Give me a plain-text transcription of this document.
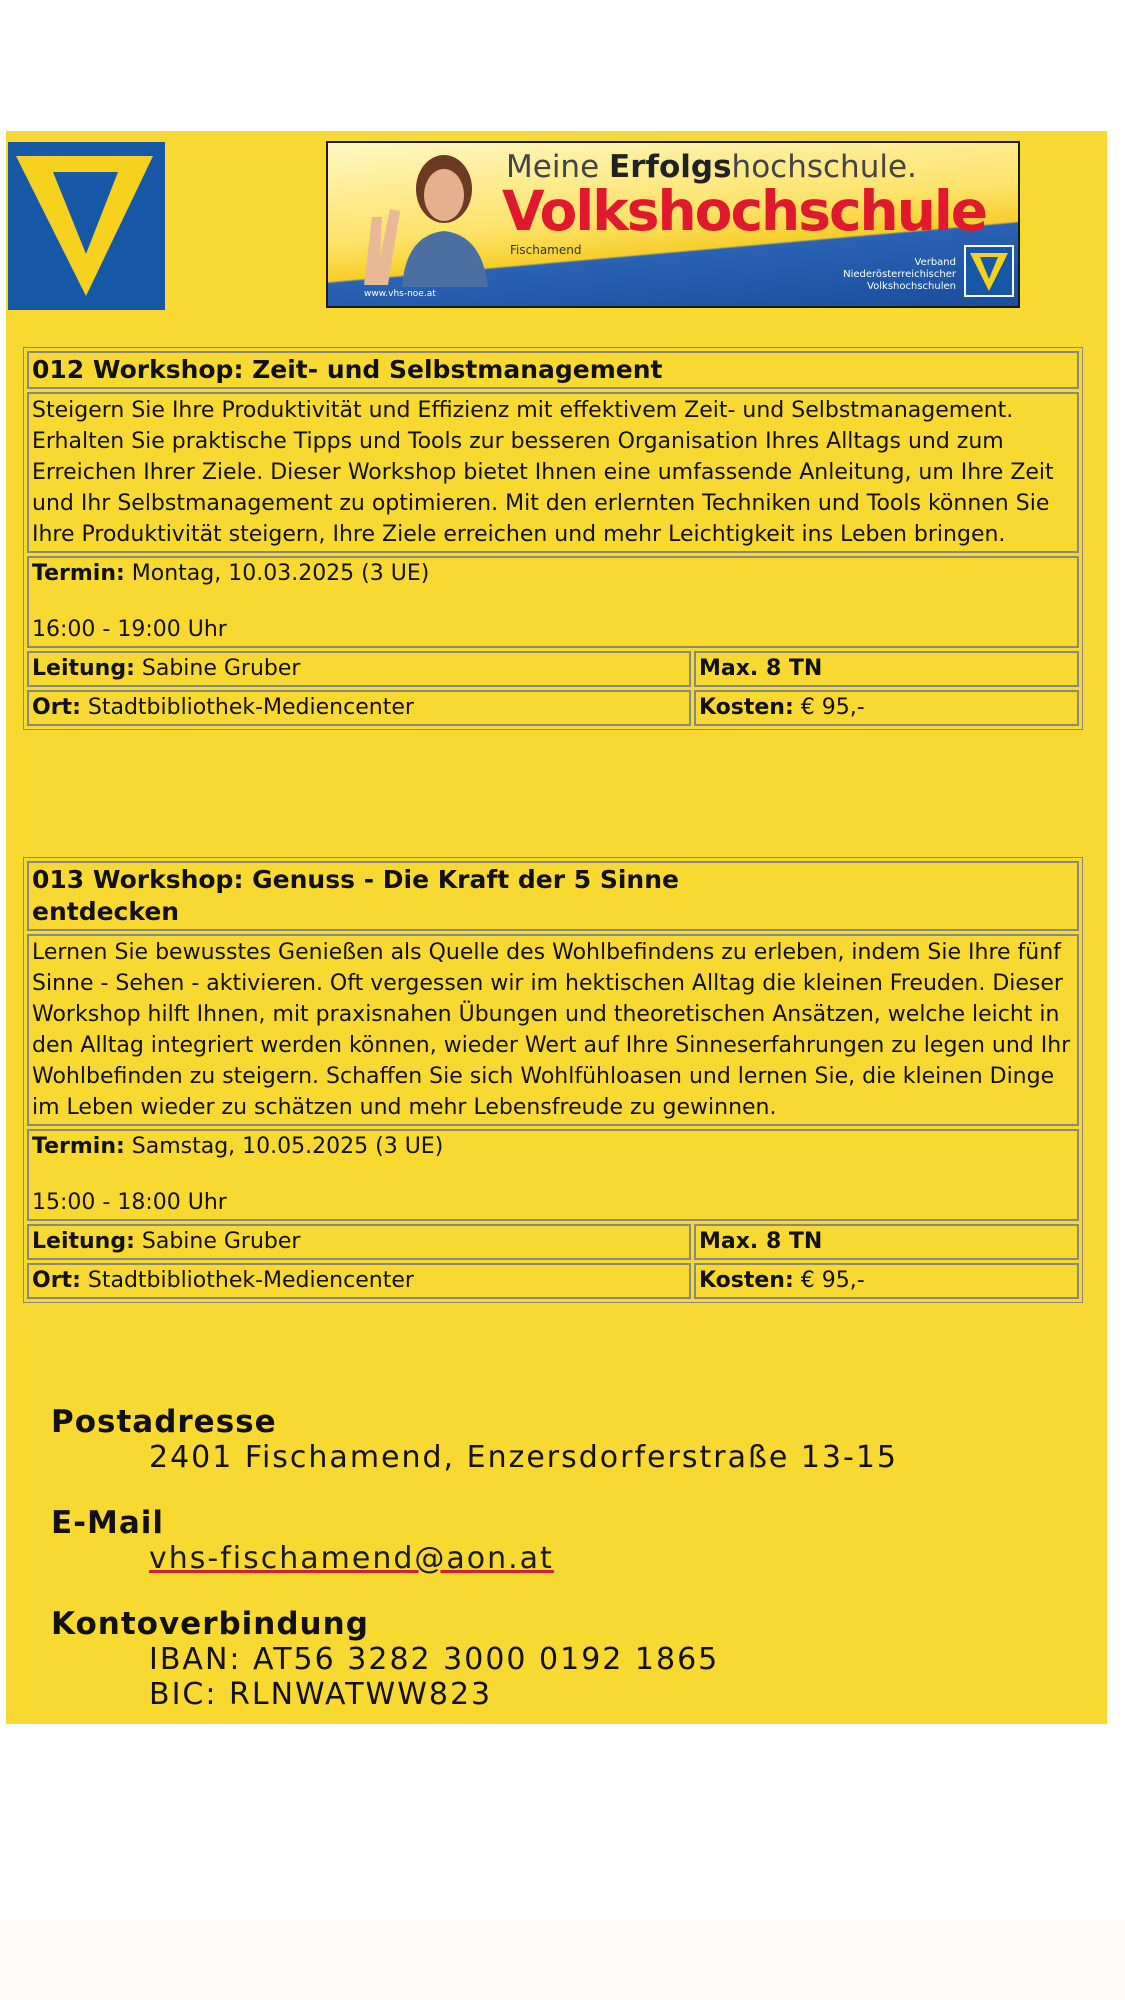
Meine Erfolgshochschule.
Volkshochschule
Fischamend
www.vhs-noe.at
Verband
Niederösterreichischer
Volkshochschulen
012 Workshop: Zeit- und Selbstmanagement	
Steigern Sie Ihre Produktivität und Effizienz mit effektivem Zeit- und Selbstmanagement. Erhalten Sie praktische Tipps und Tools zur besseren Organisation Ihres Alltags und zum Erreichen Ihrer Ziele. Dieser Workshop bietet Ihnen eine umfassende Anleitung, um Ihre Zeit und Ihr Selbstmanagement zu optimieren. Mit den erlernten Techniken und Tools können Sie Ihre Produktivität steigern, Ihre Ziele erreichen und mehr Leichtigkeit ins Leben bringen.	
Termin: Montag, 10.03.2025 (3 UE)
16:00 - 19:00 Uhr	
Leitung: Sabine Gruber	Max. 8 TN
Ort: Stadtbibliothek-Mediencenter	Kosten: € 95,-
013 Workshop: Genuss - Die Kraft der 5 Sinne entdecken	

Lernen Sie bewusstes Genießen als Quelle des Wohlbefindens zu erleben, indem Sie Ihre fünf Sinne - Sehen - aktivieren. Oft vergessen wir im hektischen Alltag die kleinen Freuden. Dieser Workshop hilft Ihnen, mit praxisnahen Übungen und theoretischen Ansätzen, welche leicht in den Alltag integriert werden können, wieder Wert auf Ihre Sinneserfahrungen zu legen und Ihr Wohlbefinden zu steigern. Schaffen Sie sich Wohlfühloasen und lernen Sie, die kleinen Dinge im Leben wieder zu schätzen und mehr Lebensfreude zu gewinnen.	
Termin: Samstag, 10.05.2025 (3 UE)
15:00 - 18:00 Uhr	
Leitung: Sabine Gruber	Max. 8 TN
Ort: Stadtbibliothek-Mediencenter	Kosten: € 95,-
Postadresse
2401 Fischamend, Enzersdorferstraße 13-15
E-Mail
vhs-fischamend@aon.at
Kontoverbindung
IBAN: AT56 3282 3000 0192 1865
BIC: RLNWATWW823
